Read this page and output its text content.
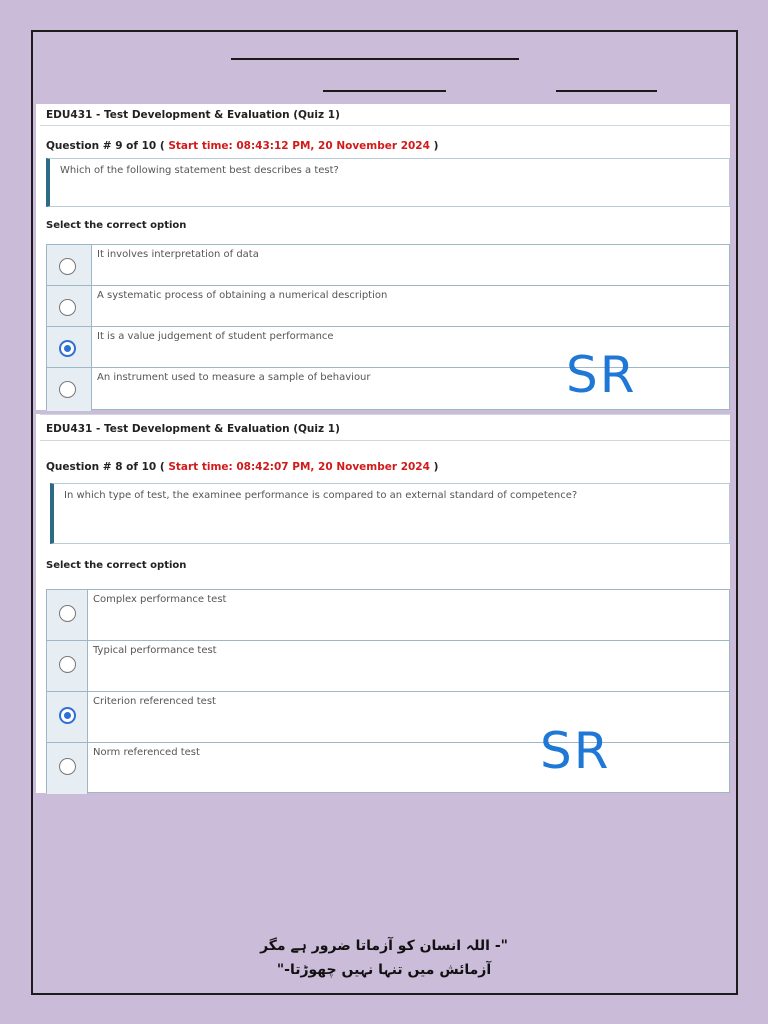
EDU431 - Test Development & Evaluation (Quiz 1)
Question # 9 of 10 ( Start time: 08:43:12 PM, 20 November 2024 )
Which of the following statement best describes a test?
Select the correct option
It involves interpretation of data
A systematic process of obtaining a numerical description
It is a value judgement of student performance
An instrument used to measure a sample of behaviour	SR
EDU431 - Test Development & Evaluation (Quiz 1)
Question # 8 of 10 ( Start time: 08:42:07 PM, 20 November 2024 )
In which type of test, the examinee performance is compared to an external standard of competence?
Select the correct option
Complex performance test
Typical performance test
Criterion referenced test
Norm referenced test	SR
"- اللہ انسان کو آزماتا ضرور ہے مگر
آزمائش میں تنہا نہیں چھوڑتا-"
